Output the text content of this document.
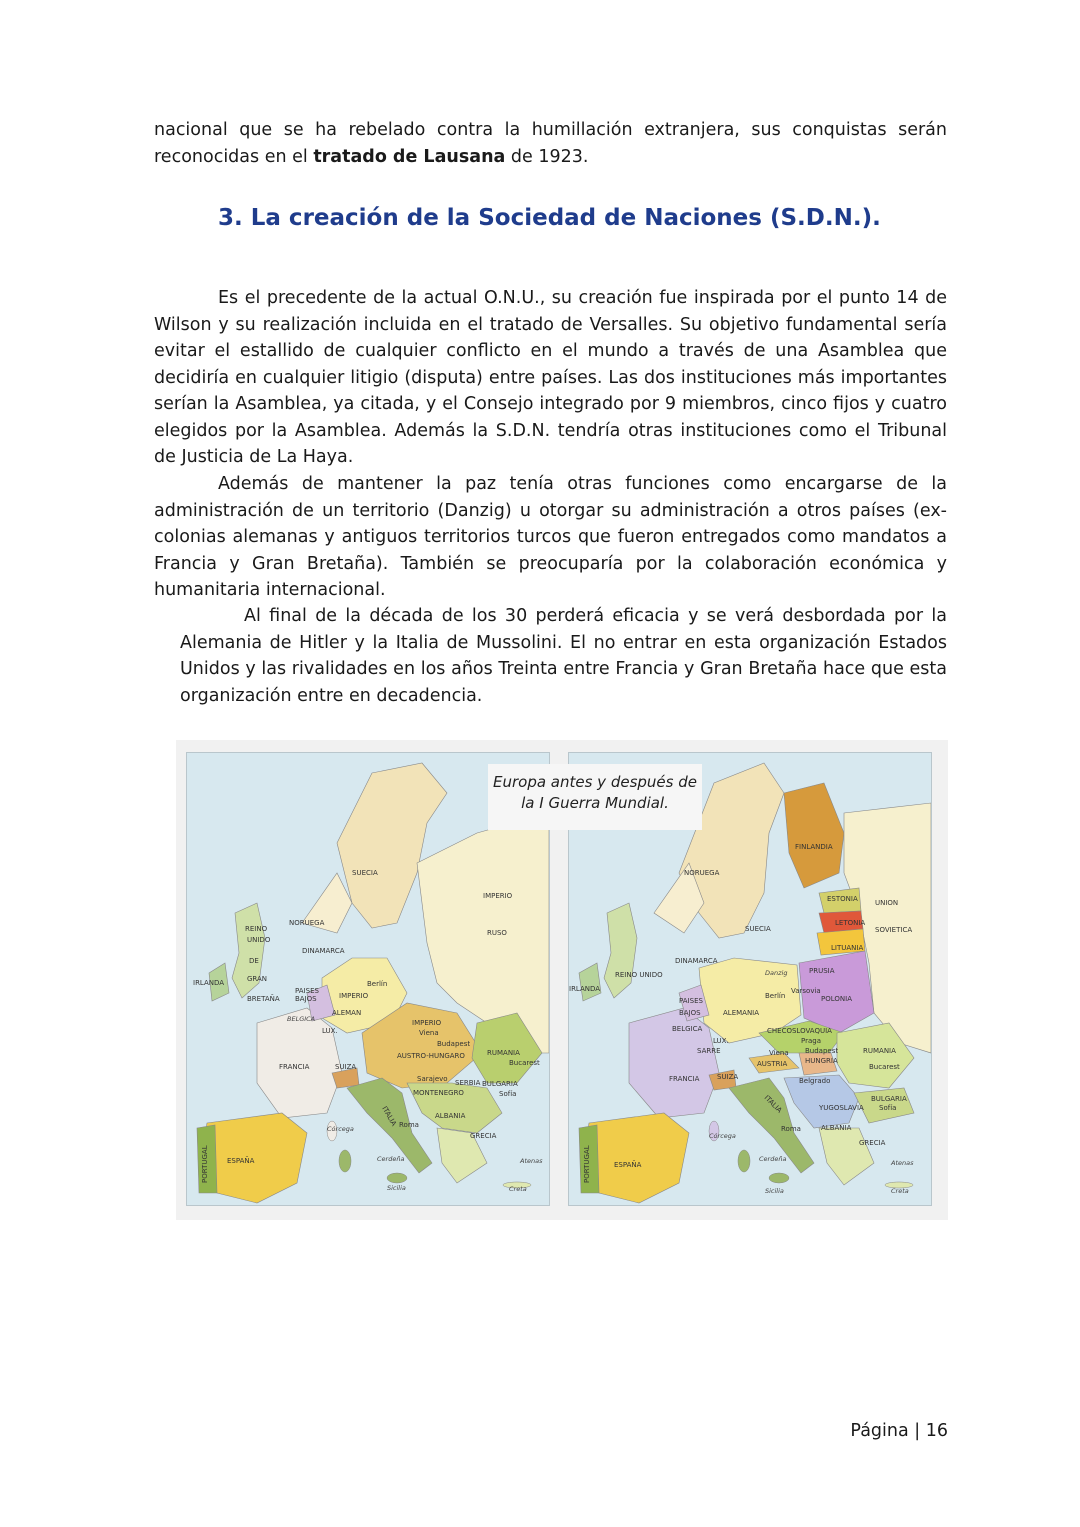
nacional que se ha rebelado contra la humillación extranjera, sus conquistas serán reconocidas en el tratado de Lausana de 1923.

3. La creación de la Sociedad de Naciones (S.D.N.).

Es el precedente de la actual O.N.U., su creación fue inspirada por el punto 14 de Wilson y su realización incluida en el tratado de Versalles. Su objetivo fundamental sería evitar el estallido de cualquier conflicto en el mundo a través de una Asamblea que decidiría en cualquier litigio (disputa) entre países. Las dos instituciones más importantes serían la Asamblea, ya citada, y el Consejo integrado por 9 miembros, cinco fijos y cuatro elegidos por la Asamblea. Además la S.D.N. tendría otras instituciones como el Tribunal de Justicia de La Haya.

Además de mantener la paz tenía otras funciones como encargarse de la administración de un territorio (Danzig) u otorgar su administración a otros países (ex-colonias alemanas y antiguos territorios turcos que fueron entregados como mandatos a Francia y Gran Bretaña). También se preocuparía por la colaboración económica y humanitaria internacional.

Al final de la década de los 30 perderá eficacia y se verá desbordada por la Alemania de Hitler y la Italia de Mussolini. El no entrar en esta organización Estados Unidos y las rivalidades en los años Treinta entre Francia y Gran Bretaña hace que esta organización entre en decadencia.

SUECIA
NORUEGA
REINO
UNIDO
DE
GRAN
BRETAÑA
IRLANDA
DINAMARCA
PAISES
BAJOS
BELGICA
LUX.
IMPERIO
ALEMAN
Berlín
IMPERIO
RUSO
IMPERIO
Viena
Budapest
AUSTRO-HUNGARO	RUMANIA
Bucarest
FRANCIA	SUIZA
Sarajevo SERBIA
MONTENEGRO
BULGARIA
Sofía
ITALIA Roma
ALBANIA
GRECIA
Atenas
Córcega
Cerdeña
Sicilia	Creta
ESPAÑA
PORTUGAL
NORUEGA
FINLANDIA
ESTONIA UNION
SOVIETICA
LETONIA
LITUANIA
SUECIA
DINAMARCA
REINO UNIDO
IRLANDA
Danzig	PRUSIA
Varsovia
POLONIA
Berlín
ALEMANIA
PAISES
BAJOS
BELGICA
LUX.
SARRE
CHECOSLOVAQUIA
Praga
Viena
AUSTRIA
Budapest
HUNGRIA
RUMANIA
Bucarest
FRANCIA	SUIZA	Belgrado
YUGOSLAVIA
BULGARIA
Sofía
ITALIA
Roma	ALBANIA
GRECIA
Atenas
Córcega
Cerdeña
Sicilia	Creta
ESPAÑA
PORTUGAL
Europa antes y después de
la I Guerra Mundial.
Página | 16
